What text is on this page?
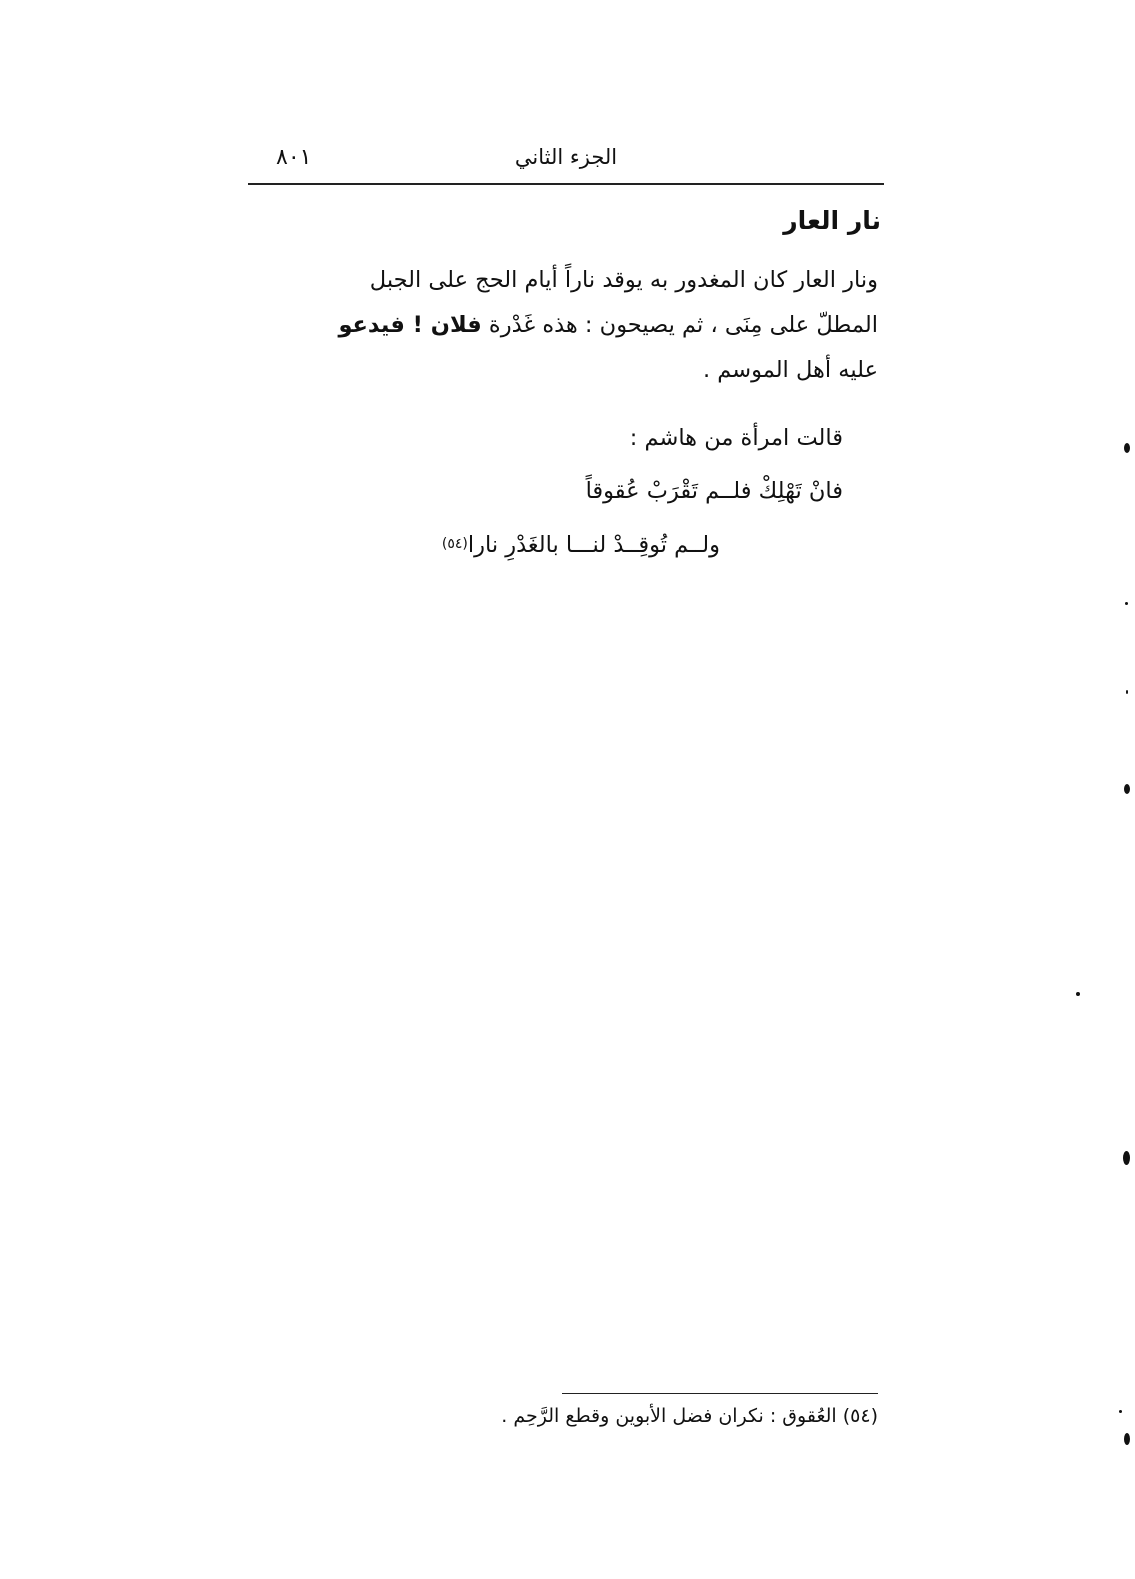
٨٠١	الجزء الثاني
نار العار
ونار العار كان المغدور به يوقد ناراً أيام الحج على الجبل
المطلّ على مِنَى ، ثم يصيحون : هذه غَدْرة فلان ! فيدعو
عليه أهل الموسم .
قالت امرأة من هاشم :
فانْ تَهْلِكْ فلــم تَقْرَبْ عُقوقاً
ولــم تُوقِــدْ لنـــا بالغَدْرِ نارا(٥٤)
(٥٤) العُقوق : نكران فضل الأبوين وقطع الرَّحِم .
